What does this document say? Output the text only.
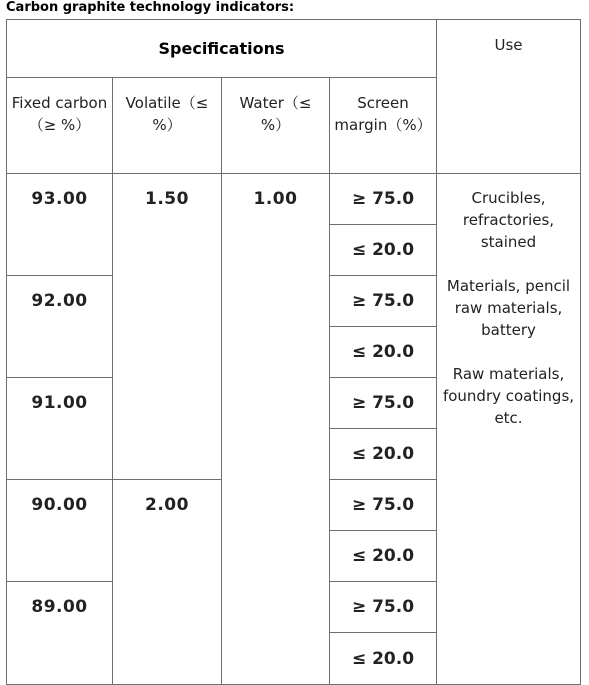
Carbon graphite technology indicators:
Specifications	Use
Fixed carbon（≥ %）
Volatile（≤ %）
Water（≤ %）
Screen margin（%）
93.00
92.00
91.00
90.00
89.00
1.50
2.00
1.00	≥ 75.0
≤ 20.0
≥ 75.0
≤ 20.0
≥ 75.0
≤ 20.0
≥ 75.0
≤ 20.0
≥ 75.0
≤ 20.0
Crucibles, refractories, stained
Materials, pencil raw materials, battery
Raw materials, foundry coatings, etc.
